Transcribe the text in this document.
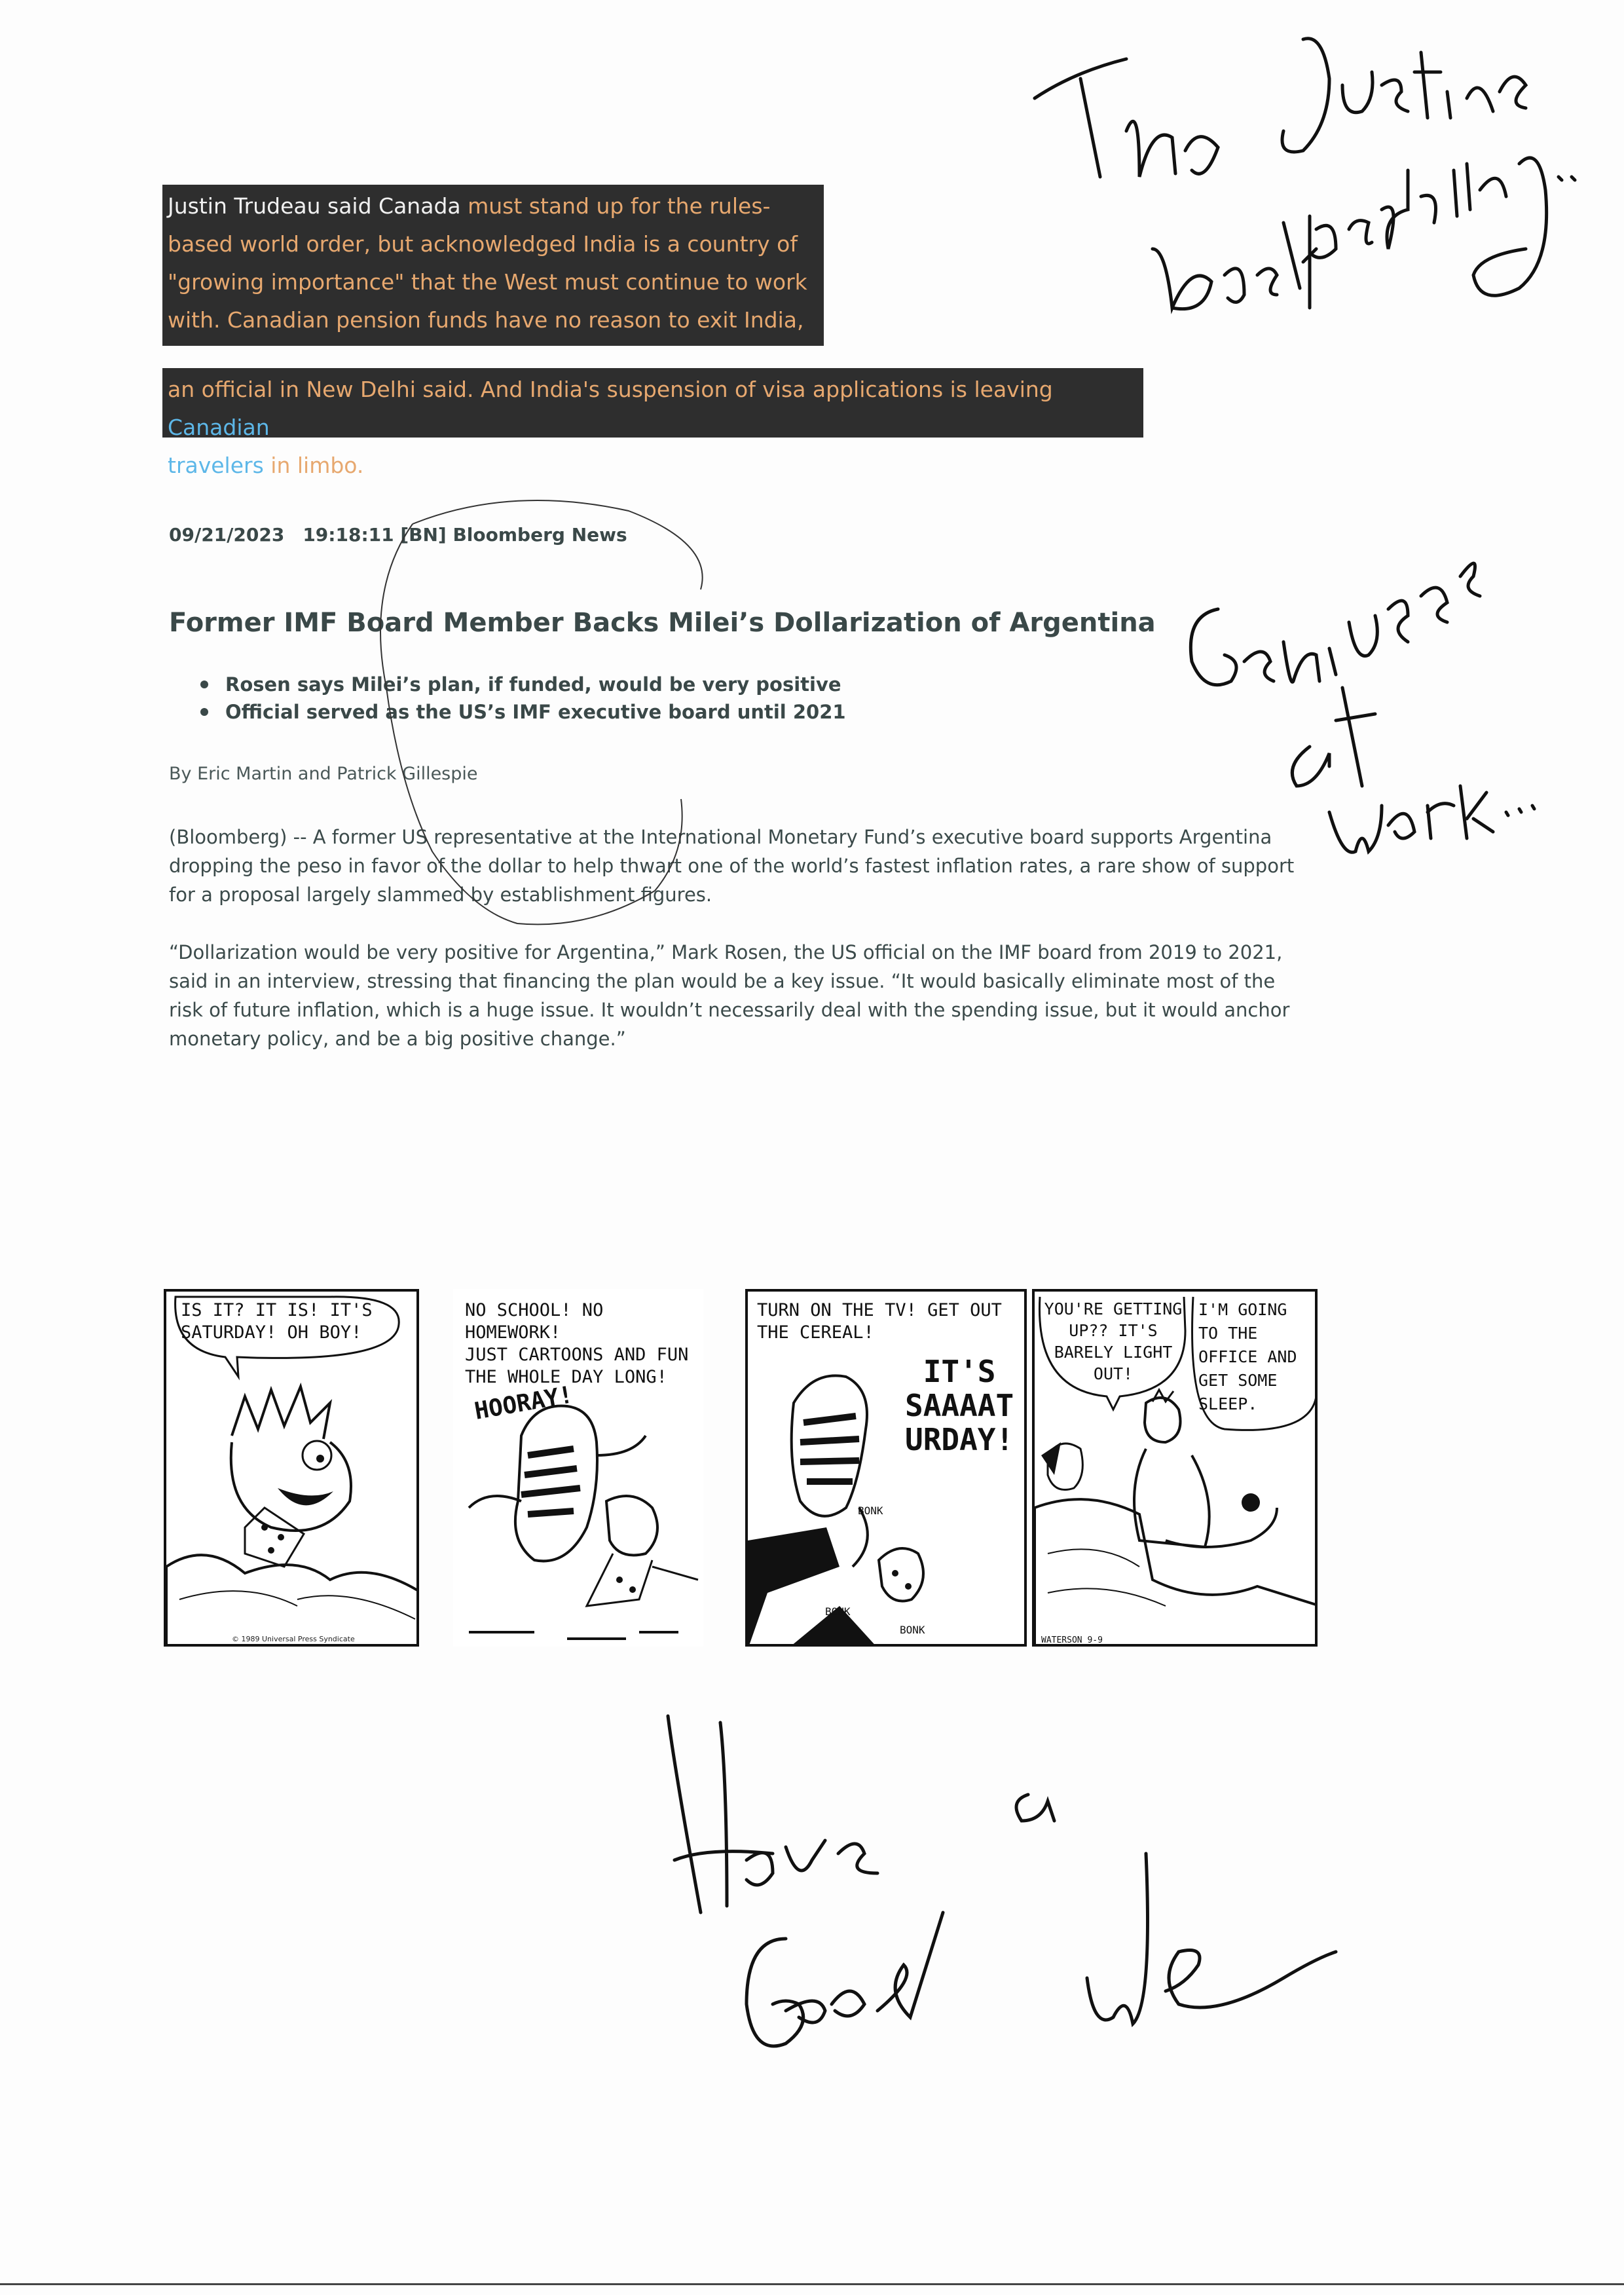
Justin Trudeau said Canada must stand up for the rules-
based world order, but acknowledged India is a country of
"growing importance" that the West must continue to work
with. Canadian pension funds have no reason to exit India,
an official in New Delhi said. And India's suspension of visa applications is leaving Canadian
travelers in limbo.

09/21/2023 19:18:11 [BN] Bloomberg News

Former IMF Board Member Backs Milei’s Dollarization of Argentina
Rosen says Milei’s plan, if funded, would be very positive
Official served as the US’s IMF executive board until 2021

By Eric Martin and Patrick Gillespie

(Bloomberg) -- A former US representative at the International Monetary Fund’s executive board supports Argentina dropping the peso in favor of the dollar to help thwart one of the world’s fastest inflation rates, a rare show of support for a proposal largely slammed by establishment figures.

“Dollarization would be very positive for Argentina,” Mark Rosen, the US official on the IMF board from 2019 to 2021, said in an interview, stressing that financing the plan would be a key issue. “It would basically eliminate most of the risk of future inflation, which is a huge issue. It wouldn’t necessarily deal with the spending issue, but it would anchor monetary policy, and be a big positive change.”

IS IT? IT IS! IT'S
SATURDAY! OH BOY!
© 1989 Universal Press Syndicate
NO SCHOOL! NO HOMEWORK!
JUST CARTOONS AND FUN
THE WHOLE DAY LONG!
HOORAY!
TURN ON THE TV! GET OUT
THE CEREAL!
IT'S
SAAAAT
URDAY!
BONK
BONK
BONK
YOU'RE GETTING
UP?? IT'S
BARELY LIGHT
OUT!
I'M GOING
TO THE
OFFICE AND
GET SOME
SLEEP.
WATERSON 9-9
